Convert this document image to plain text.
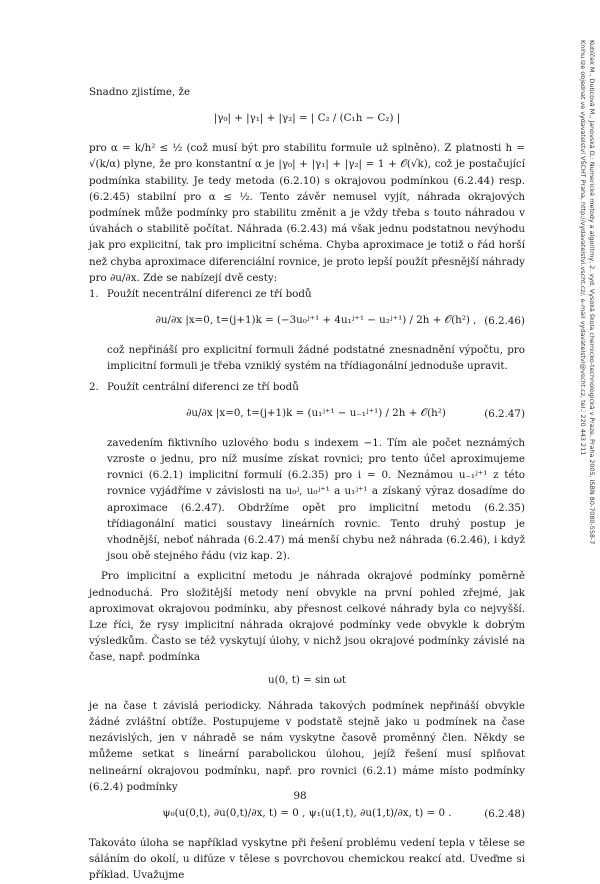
Kubíček M., Dubcová M., Janovská D.: Numerické metody a algoritmy, 2. vyd. Vysoká škola chemicko-technologická v Praze, Praha 2005, ISBN 80-7080-558-7
Knihu lze objednat ve vydavatelství VŠCHT Praha, http://vydavatelstvi.vscht.cz/, e-mail vydavatelstvi@vscht.cz, tel.: 220 443 211

Snadno zjistíme, že

|γ₀| + |γ₁| + |γ₂| = | C₂ / (C₁h − C₂) |

pro α = k/h² ≤ ½ (což musí být pro stabilitu formule už splněno). Z platnosti h = √(k/α) plyne, že pro konstantní α je |γ₀| + |γ₁| + |γ₂| = 1 + 𝒪(√k), což je postačující podmínka stability. Je tedy metoda (6.2.10) s okrajovou podmínkou (6.2.44) resp. (6.2.45) stabilní pro α ≤ ½. Tento závěr nemusel vyjít, náhrada okrajových podmínek může podmínky pro stabilitu změnit a je vždy třeba s touto náhradou v úvahách o stabilitě počítat. Náhrada (6.2.43) má však jednu podstatnou nevýhodu jak pro explicitní, tak pro implicitní schéma. Chyba aproximace je totiž o řád horší než chyba aproximace diferenciální rovnice, je proto lepší použít přesnější náhrady pro ∂u/∂x. Zde se nabízejí dvě cesty:

1. Použít necentrální diferenci ze tří bodů
∂u/∂x |x=0, t=(j+1)k = (−3u₀ʲ⁺¹ + 4u₁ʲ⁺¹ − u₂ʲ⁺¹) / 2h + 𝒪(h²) , (6.2.46)
což nepřináší pro explicitní formuli žádné podstatné znesnadnění výpočtu, pro implicitní formuli je třeba vzniklý systém na třídiagonální jednoduše upravit.
2. Použít centrální diferenci ze tří bodů
∂u/∂x |x=0, t=(j+1)k = (u₁ʲ⁺¹ − u₋₁ʲ⁺¹) / 2h + 𝒪(h²)	(6.2.47)
zavedením fiktivního uzlového bodu s indexem −1. Tím ale počet neznámých vzroste o jednu, pro níž musíme získat rovnici; pro tento účel aproximujeme rovnici (6.2.1) implicitní formulí (6.2.35) pro i = 0. Neznámou u₋₁ʲ⁺¹ z této rovnice vyjádříme v závislosti na u₀ʲ, u₀ʲ⁺¹ a u₁ʲ⁺¹ a získaný výraz dosadíme do aproximace (6.2.47). Obdržíme opět pro implicitní metodu (6.2.35) třídiagonální matici soustavy lineárních rovnic. Tento druhý postup je vhodnější, neboť náhrada (6.2.47) má menší chybu než náhrada (6.2.46), i když jsou obě stejného řádu (viz kap. 2).

Pro implicitní a explicitní metodu je náhrada okrajové podmínky poměrně jednoduchá. Pro složitější metody není obvykle na první pohled zřejmé, jak aproximovat okrajovou podmínku, aby přesnost celkové náhrady byla co nejvyšší. Lze říci, že rysy implicitní náhrada okrajové podmínky vede obvykle k dobrým výsledkům. Často se též vyskytují úlohy, v nichž jsou okrajové podmínky závislé na čase, např. podmínka

u(0, t) = sin ωt

je na čase t závislá periodicky. Náhrada takových podmínek nepřináší obvykle žádné zvláštní obtíže. Postupujeme v podstatě stejně jako u podmínek na čase nezávislých, jen v náhradě se nám vyskytne časově proměnný člen. Někdy se můžeme setkat s lineární parabolickou úlohou, jejíž řešení musí splňovat nelineární okrajovou podmínku, např. pro rovnici (6.2.1) máme místo podmínky (6.2.4) podmínky

ψ₀(u(0,t), ∂u(0,t)/∂x, t) = 0 , ψ₁(u(1,t), ∂u(1,t)/∂x, t) = 0 .	(6.2.48)

Takováto úloha se například vyskytne při řešení problému vedení tepla v tělese se sáláním do okolí, u difúze v tělese s povrchovou chemickou reakcí atd. Uveďme si příklad. Uvažujme

98
